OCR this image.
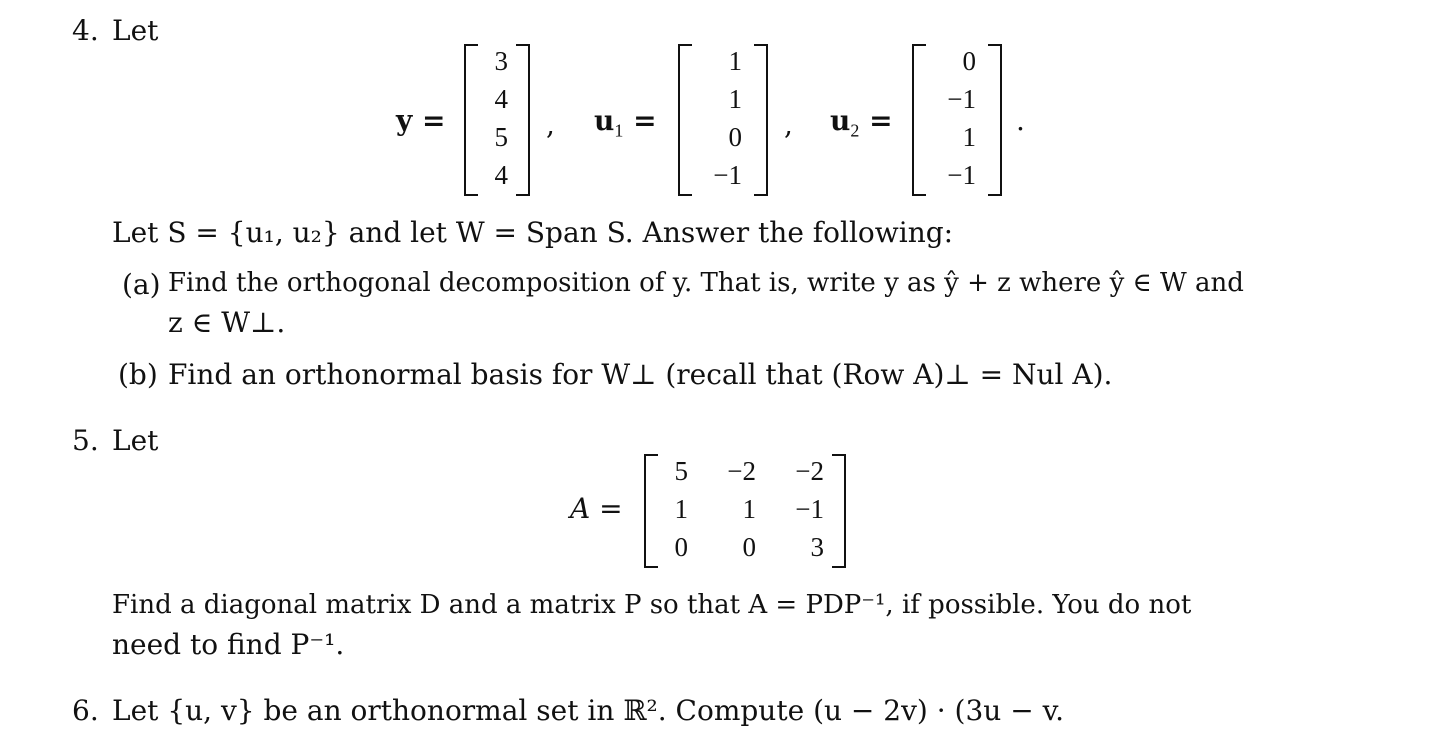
4. Let
y =
3
4
5
4
, $u_1$ =
1
1
0
−1
, $u_2$ =
0
−1
1
−1
.
Let S = {u₁, u₂} and let W = Span S. Answer the following:
(a) Find the orthogonal decomposition of y. That is, write y as ŷ + z where ŷ ∈ W and
z ∈ W⊥.
(b) Find an orthonormal basis for W⊥ (recall that (Row A)⊥ = Nul A).
5. Let
A =
5 −2 −2
1 1 −1
0 0 3
Find a diagonal matrix D and a matrix P so that A = PDP⁻¹, if possible. You do not
need to find P⁻¹.
6. Let {u, v} be an orthonormal set in ℝ². Compute (u − 2v) · (3u − v.
